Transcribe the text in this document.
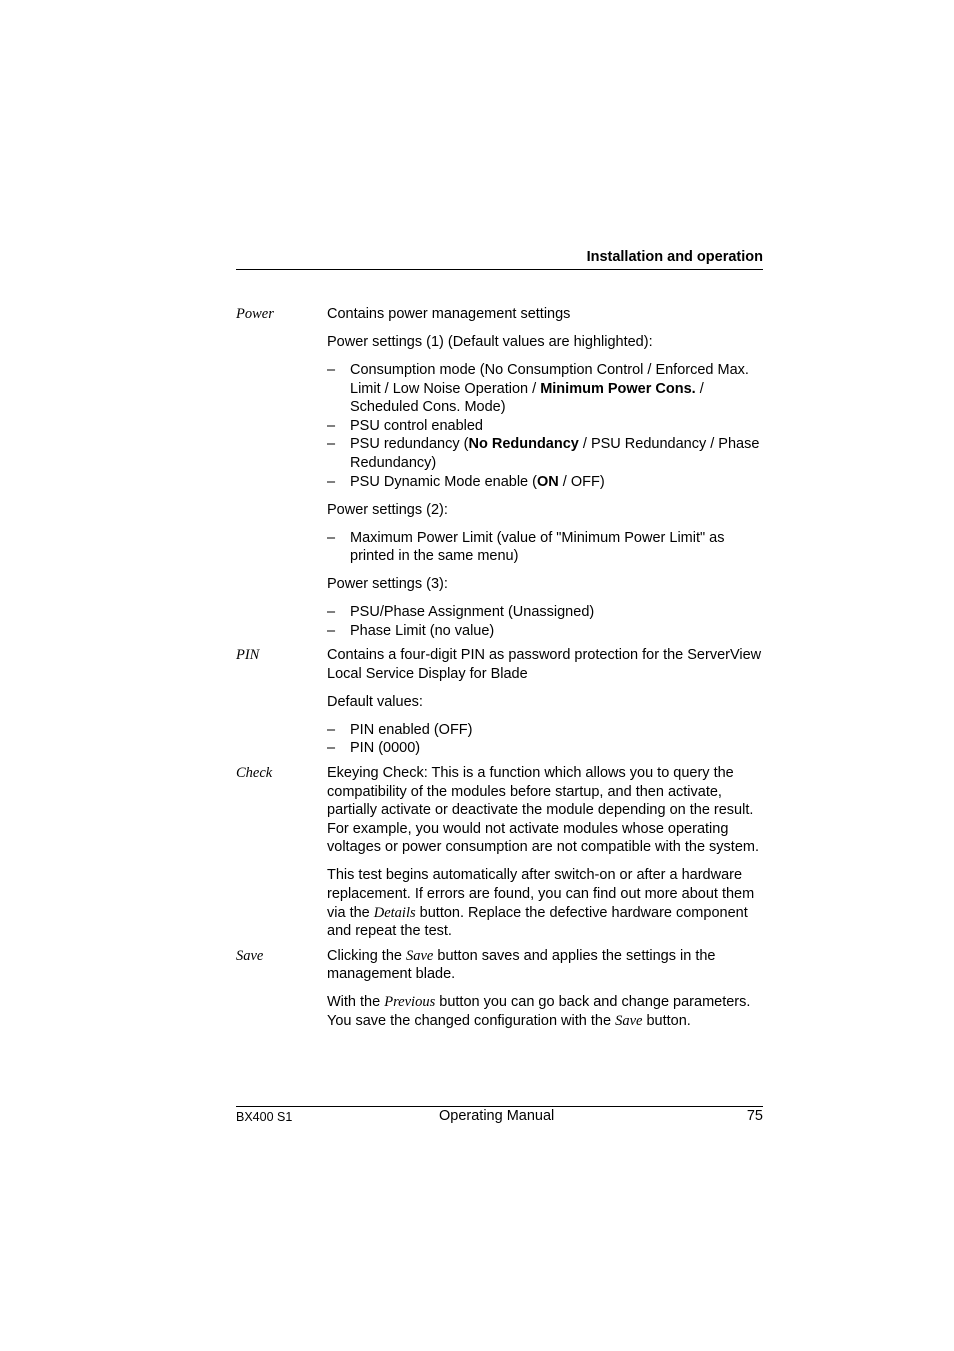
Installation and operation
Power	Contains power management settings

Power settings (1) (Default values are highlighted):

– Consumption mode (No Consumption Control / Enforced Max. Limit / Low Noise Operation / Minimum Power Cons. / Scheduled Cons. Mode)
– PSU control enabled
– PSU redundancy (No Redundancy / PSU Redundancy / Phase Redundancy)
– PSU Dynamic Mode enable (ON / OFF)

Power settings (2):

– Maximum Power Limit (value of "Minimum Power Limit" as printed in the same menu)

Power settings (3):

– PSU/Phase Assignment (Unassigned)
– Phase Limit (no value)
PIN	Contains a four-digit PIN as password protection for the ServerView Local Service Display for Blade

Default values:

– PIN enabled (OFF)
– PIN (0000)
Check	Ekeying Check: This is a function which allows you to query the compatibility of the modules before startup, and then activate, partially activate or deactivate the module depending on the result. For example, you would not activate modules whose operating voltages or power consumption are not compatible with the system.

This test begins automatically after switch-on or after a hardware replacement. If errors are found, you can find out more about them via the Details button. Replace the defective hardware component and repeat the test.

Save	Clicking the Save button saves and applies the settings in the management blade.

With the Previous button you can go back and change parameters. You save the changed configuration with the Save button.

BX400 S1	Operating Manual	75
